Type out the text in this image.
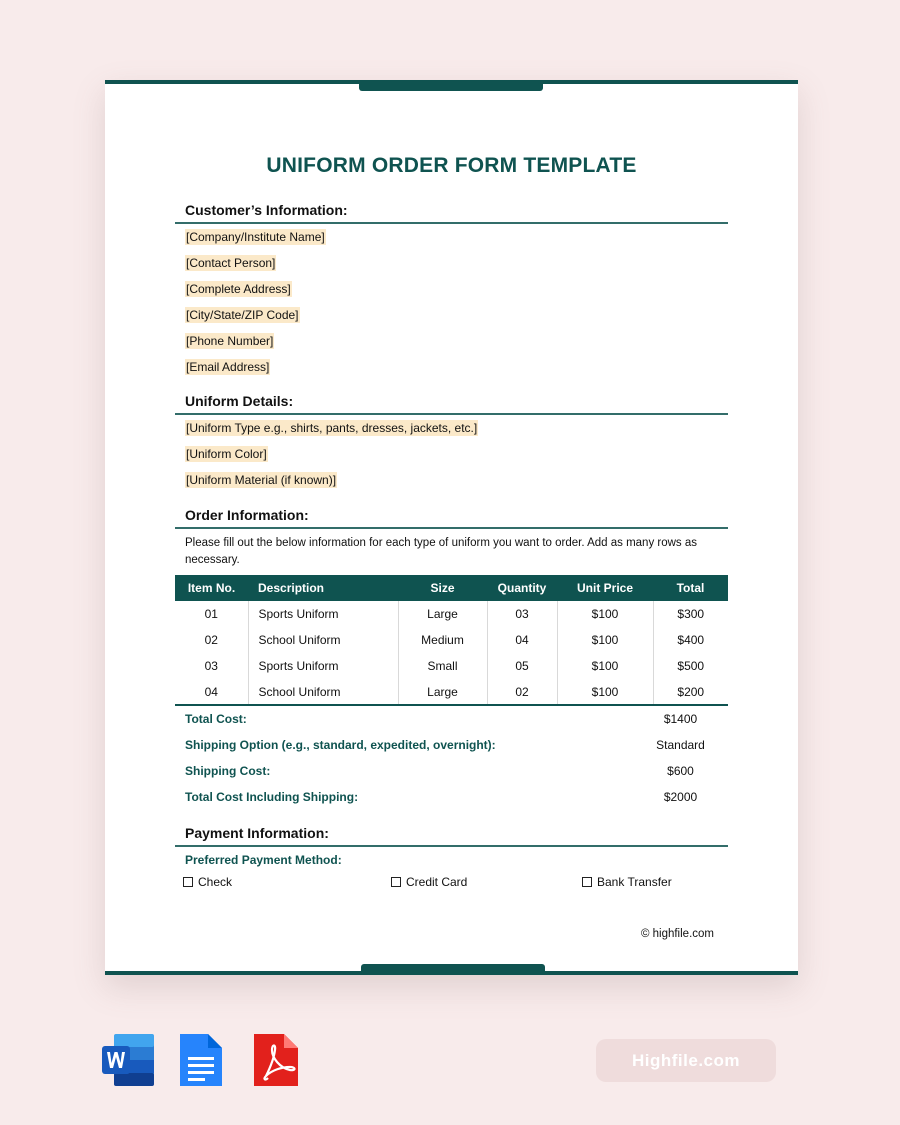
UNIFORM ORDER FORM TEMPLATE
Customer’s Information:
[Company/Institute Name]
[Contact Person]
[Complete Address]
[City/State/ZIP Code]
[Phone Number]
[Email Address]
Uniform Details:
[Uniform Type e.g., shirts, pants, dresses, jackets, etc.]
[Uniform Color]
[Uniform Material (if known)]
Order Information:
Please fill out the below information for each type of uniform you want to order. Add as many rows as necessary.
Item No.	Description	Size	Quantity	Unit Price	Total
01	Sports Uniform	Large	03	$100	$300
02	School Uniform	Medium	04	$100	$400
03	Sports Uniform	Small	05	$100	$500
04	School Uniform	Large	02	$100	$200
Total Cost:	$1400
Shipping Option (e.g., standard, expedited, overnight):	Standard
Shipping Cost:	$600
Total Cost Including Shipping:	$2000
Payment Information:
Preferred Payment Method:
Check	Credit Card	Bank Transfer
© highfile.com
Highfile.com
